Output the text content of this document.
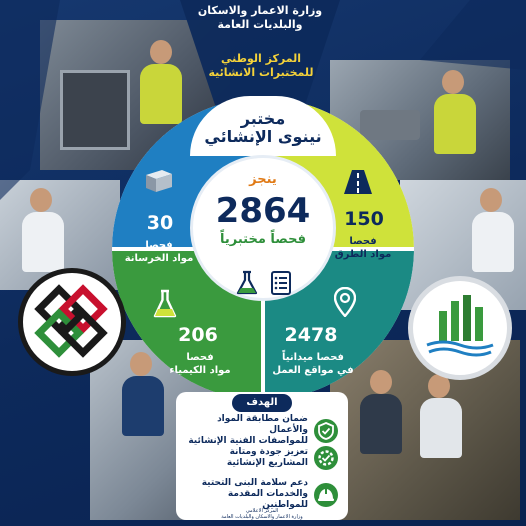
وزارة الاعمار والاسكان
والبلديات العامة
المركز الوطني
للمختبرات الانشائية
مختبر
نينوى الإنشائي
ينجز
2864
فحصاً مختبرياً
150
فحصا
مواد الطرق
30
فحصا
مواد الخرسانة
206
فحصا
مواد الكيمياء
2478
فحصا ميدانياً
في مواقع العمل
الهدف
ضمان مطابقة المواد والأعمال
للمواصفات الفنية الإنشائية
تعزيز جودة ومتانة
المشاريع الإنشائية
دعم سلامة البنى التحتية
والخدمات المقدمة للمواطنين
المركز الاعلامي
وزارة الاعمار والاسكان والبلديات العامة
